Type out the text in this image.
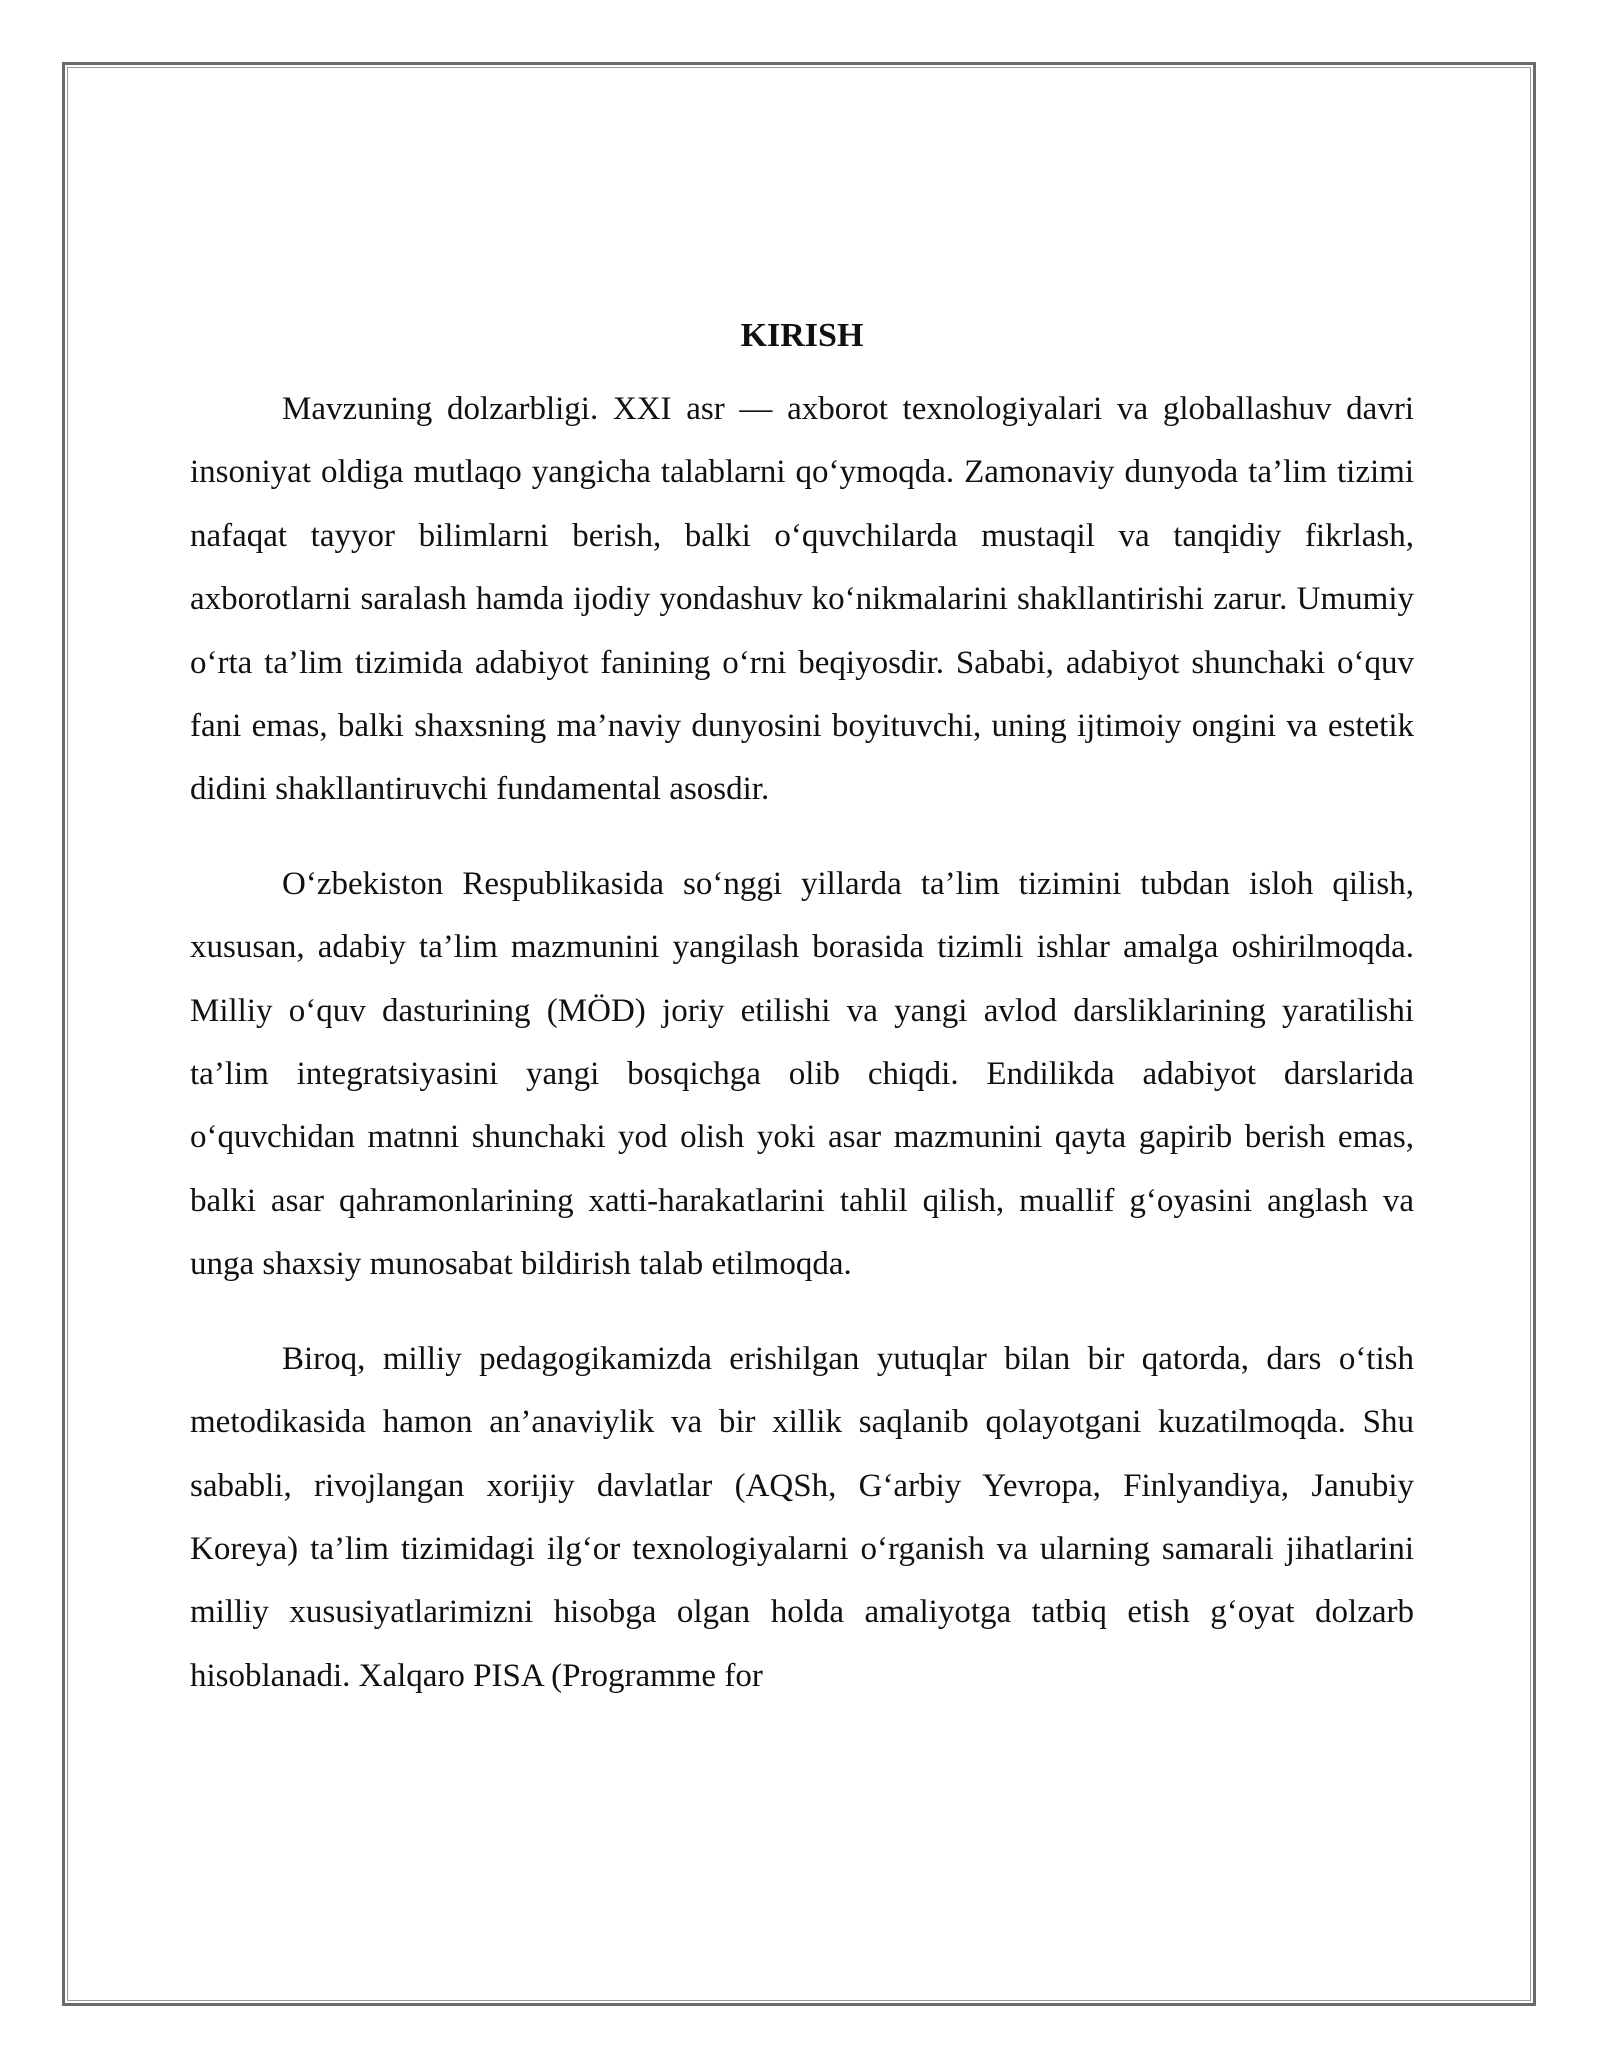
KIRISH

Mavzuning dolzarbligi. XXI asr — axborot texnologiyalari va globallashuv davri insoniyat oldiga mutlaqo yangicha talablarni qo‘ymoqda. Zamonaviy dunyoda ta’lim tizimi nafaqat tayyor bilimlarni berish, balki o‘quvchilarda mustaqil va tanqidiy fikrlash, axborotlarni saralash hamda ijodiy yondashuv ko‘nikmalarini shakllantirishi zarur. Umumiy o‘rta ta’lim tizimida adabiyot fanining o‘rni beqiyosdir. Sababi, adabiyot shunchaki o‘quv fani emas, balki shaxsning ma’naviy dunyosini boyituvchi, uning ijtimoiy ongini va estetik didini shakllantiruvchi fundamental asosdir.

O‘zbekiston Respublikasida so‘nggi yillarda ta’lim tizimini tubdan isloh qilish, xususan, adabiy ta’lim mazmunini yangilash borasida tizimli ishlar amalga oshirilmoqda. Milliy o‘quv dasturining (MÖD) joriy etilishi va yangi avlod darsliklarining yaratilishi ta’lim integratsiyasini yangi bosqichga olib chiqdi. Endilikda adabiyot darslarida o‘quvchidan matnni shunchaki yod olish yoki asar mazmunini qayta gapirib berish emas, balki asar qahramonlarining xatti-harakatlarini tahlil qilish, muallif g‘oyasini anglash va unga shaxsiy munosabat bildirish talab etilmoqda.

Biroq, milliy pedagogikamizda erishilgan yutuqlar bilan bir qatorda, dars o‘tish metodikasida hamon an’anaviylik va bir xillik saqlanib qolayotgani kuzatilmoqda. Shu sababli, rivojlangan xorijiy davlatlar (AQSh, G‘arbiy Yevropa, Finlyandiya, Janubiy Koreya) ta’lim tizimidagi ilg‘or texnologiyalarni o‘rganish va ularning samarali jihatlarini milliy xususiyatlarimizni hisobga olgan holda amaliyotga tatbiq etish g‘oyat dolzarb hisoblanadi. Xalqaro PISA (Programme for
